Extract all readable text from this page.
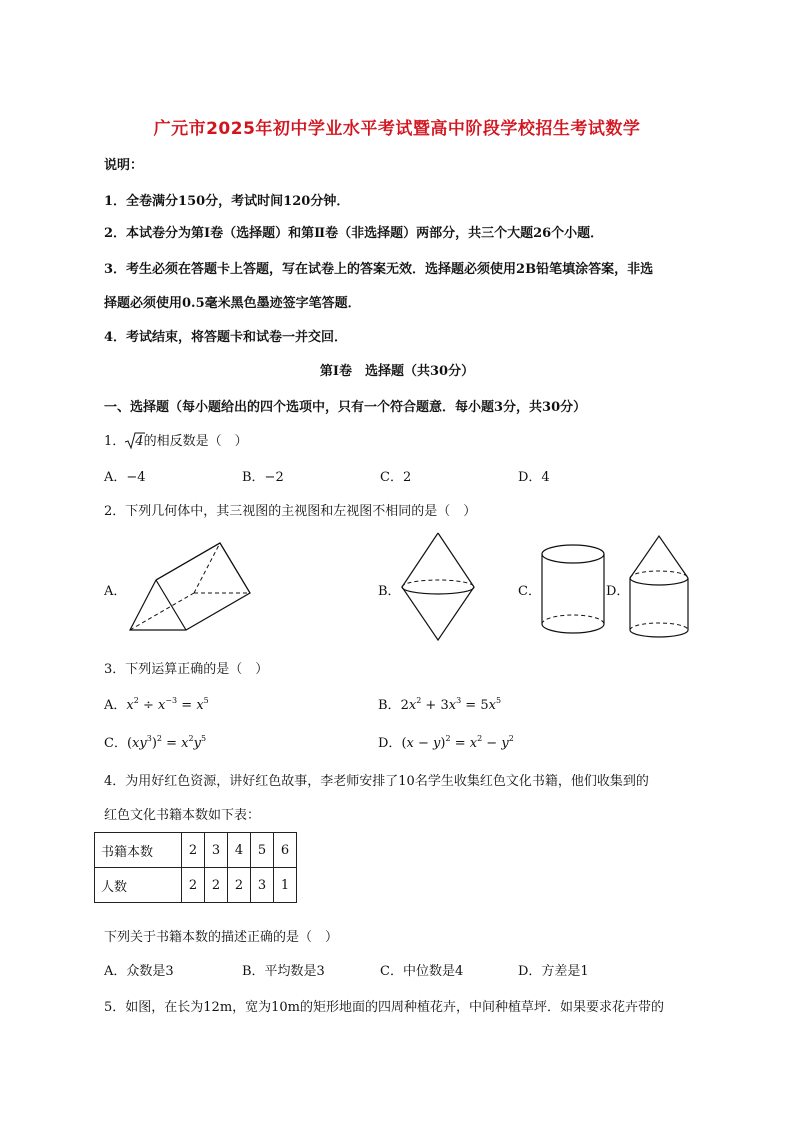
广元市2025年初中学业水平考试暨高中阶段学校招生考试数学
说明：
1．全卷满分150分，考试时间120分钟．
2．本试卷分为第Ⅰ卷（选择题）和第Ⅱ卷（非选择题）两部分，共三个大题26个小题．
3．考生必须在答题卡上答题，写在试卷上的答案无效．选择题必须使用2B铅笔填涂答案，非选
择题必须使用0.5毫米黑色墨迹签字笔答题．
4．考试结束，将答题卡和试卷一并交回．
第Ⅰ卷　选择题（共30分）
一、选择题（每小题给出的四个选项中，只有一个符合题意．每小题3分，共30分）
1． 4的相反数是（　）
A．−4	B．−2	C．2	D．4
2．下列几何体中，其三视图的主视图和左视图不相同的是（　）
A．	B．	C．	D．
3．下列运算正确的是（　）
A．$x^2 \div x^{-3} = x^5$	B．$2x^2 + 3x^3 = 5x^5$
C．$(xy^3)^2 = x^2y^5$	D．$(x - y)^2 = x^2 - y^2$
4．为用好红色资源，讲好红色故事，李老师安排了10名学生收集红色文化书籍，他们收集到的
红色文化书籍本数如下表：
书籍本数	2	3	4	5	6
人数	2	2	2	3	1
下列关于书籍本数的描述正确的是（　）
A．众数是3	B．平均数是3	C．中位数是4	D．方差是1
5．如图，在长为12m，宽为10m的矩形地面的四周种植花卉，中间种植草坪．如果要求花卉带的
